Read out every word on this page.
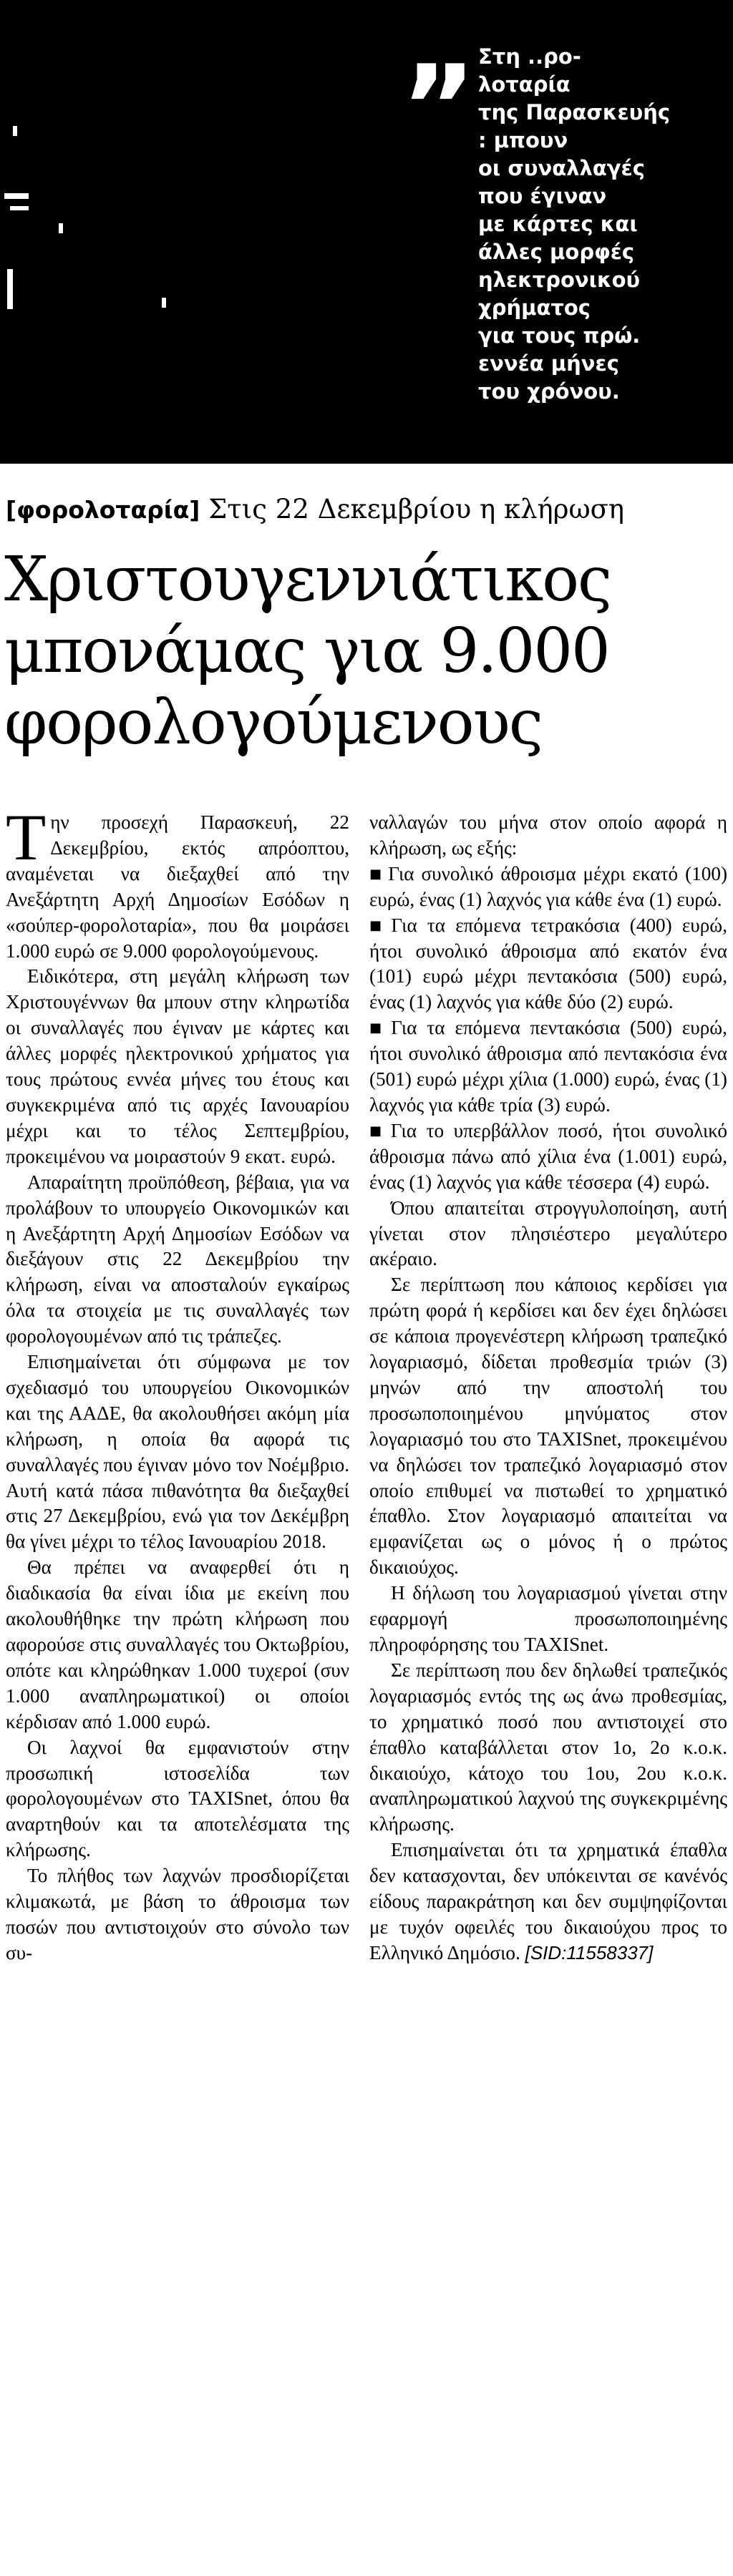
” Στη ..ρο-
λοταρία
της Παρασκευής
: μπουν
οι συναλλαγές
που έγιναν
με κάρτες και
άλλες μορφές
ηλεκτρονικού
χρήματος
για τους πρώ.
εννέα μήνες
του χρόνου.

[φορολοταρία] Στις 22 Δεκεμβρίου η κλήρωση
Χριστουγεννιάτικος
μπονάμας για 9.000
φορολογούμενους

Την προσεχή Παρασκευή, 22 Δεκεμβρίου, εκτός απρόοπτου, αναμένεται να διεξαχθεί από την Ανεξάρτητη Αρχή Δημοσίων Εσόδων η «σούπερ-φορολοταρία», που θα μοιράσει 1.000 ευρώ σε 9.000 φορολογούμενους.

Ειδικότερα, στη μεγάλη κλήρωση των Χριστουγέννων θα μπουν στην κληρωτίδα οι συναλλαγές που έγιναν με κάρτες και άλλες μορφές ηλεκτρονικού χρήματος για τους πρώτους εννέα μήνες του έτους και συγκεκριμένα από τις αρχές Ιανουαρίου μέχρι και το τέλος Σεπτεμβρίου, προκειμένου να μοιραστούν 9 εκατ. ευρώ.

Απαραίτητη προϋπόθεση, βέβαια, για να προλάβουν το υπουργείο Οικονομικών και η Ανεξάρτητη Αρχή Δημοσίων Εσόδων να διεξάγουν στις 22 Δεκεμβρίου την κλήρωση, είναι να αποσταλούν εγκαίρως όλα τα στοιχεία με τις συναλλαγές των φορολογουμένων από τις τράπεζες.

Επισημαίνεται ότι σύμφωνα με τον σχεδιασμό του υπουργείου Οικονομικών και της ΑΑΔΕ, θα ακολουθήσει ακόμη μία κλήρωση, η οποία θα αφορά τις συναλλαγές που έγιναν μόνο τον Νοέμβριο. Αυτή κατά πάσα πιθανότητα θα διεξαχθεί στις 27 Δεκεμβρίου, ενώ για τον Δεκέμβρη θα γίνει μέχρι το τέλος Ιανουαρίου 2018.

Θα πρέπει να αναφερθεί ότι η διαδικασία θα είναι ίδια με εκείνη που ακολουθήθηκε την πρώτη κλήρωση που αφορούσε στις συναλλαγές του Οκτωβρίου, οπότε και κληρώθηκαν 1.000 τυχεροί (συν 1.000 αναπληρωματικοί) οι οποίοι κέρδισαν από 1.000 ευρώ.

Οι λαχνοί θα εμφανιστούν στην προσωπική ιστοσελίδα των φορολογουμένων στο TAXISnet, όπου θα αναρτηθούν και τα αποτελέσματα της κλήρωσης.

Το πλήθος των λαχνών προσδιορίζεται κλιμακωτά, με βάση το άθροισμα των ποσών που αντιστοιχούν στο σύνολο των συ-

ναλλαγών του μήνα στον οποίο αφορά η κλήρωση, ως εξής:

■ Για συνολικό άθροισμα μέχρι εκατό (100) ευρώ, ένας (1) λαχνός για κάθε ένα (1) ευρώ.

■ Για τα επόμενα τετρακόσια (400) ευρώ, ήτοι συνολικό άθροισμα από εκατόν ένα (101) ευρώ μέχρι πεντακόσια (500) ευρώ, ένας (1) λαχνός για κάθε δύο (2) ευρώ.

■ Για τα επόμενα πεντακόσια (500) ευρώ, ήτοι συνολικό άθροισμα από πεντακόσια ένα (501) ευρώ μέχρι χίλια (1.000) ευρώ, ένας (1) λαχνός για κάθε τρία (3) ευρώ.

■ Για το υπερβάλλον ποσό, ήτοι συνολικό άθροισμα πάνω από χίλια ένα (1.001) ευρώ, ένας (1) λαχνός για κάθε τέσσερα (4) ευρώ.

Όπου απαιτείται στρογγυλοποίηση, αυτή γίνεται στον πλησιέστερο μεγαλύτερο ακέραιο.

Σε περίπτωση που κάποιος κερδίσει για πρώτη φορά ή κερδίσει και δεν έχει δηλώσει σε κάποια προγενέστερη κλήρωση τραπεζικό λογαριασμό, δίδεται προθεσμία τριών (3) μηνών από την αποστολή του προσωποποιημένου μηνύματος στον λογαριασμό του στο TAXISnet, προκειμένου να δηλώσει τον τραπεζικό λογαριασμό στον οποίο επιθυμεί να πιστωθεί το χρηματικό έπαθλο. Στον λογαριασμό απαιτείται να εμφανίζεται ως ο μόνος ή ο πρώτος δικαιούχος.

Η δήλωση του λογαριασμού γίνεται στην εφαρμογή προσωποποιημένης πληροφόρησης του TAXISnet.

Σε περίπτωση που δεν δηλωθεί τραπεζικός λογαριασμός εντός της ως άνω προθεσμίας, το χρηματικό ποσό που αντιστοιχεί στο έπαθλο καταβάλλεται στον 1ο, 2ο κ.ο.κ. δικαιούχο, κάτοχο του 1ου, 2ου κ.ο.κ. αναπληρωματικού λαχνού της συγκεκριμένης κλήρωσης.

Επισημαίνεται ότι τα χρηματικά έπαθλα δεν κατασχονται, δεν υπόκεινται σε κανένός είδους παρακράτηση και δεν συμψηφίζονται με τυχόν οφειλές του δικαιούχου προς το Ελληνικό Δημόσιο. [SID:11558337]
